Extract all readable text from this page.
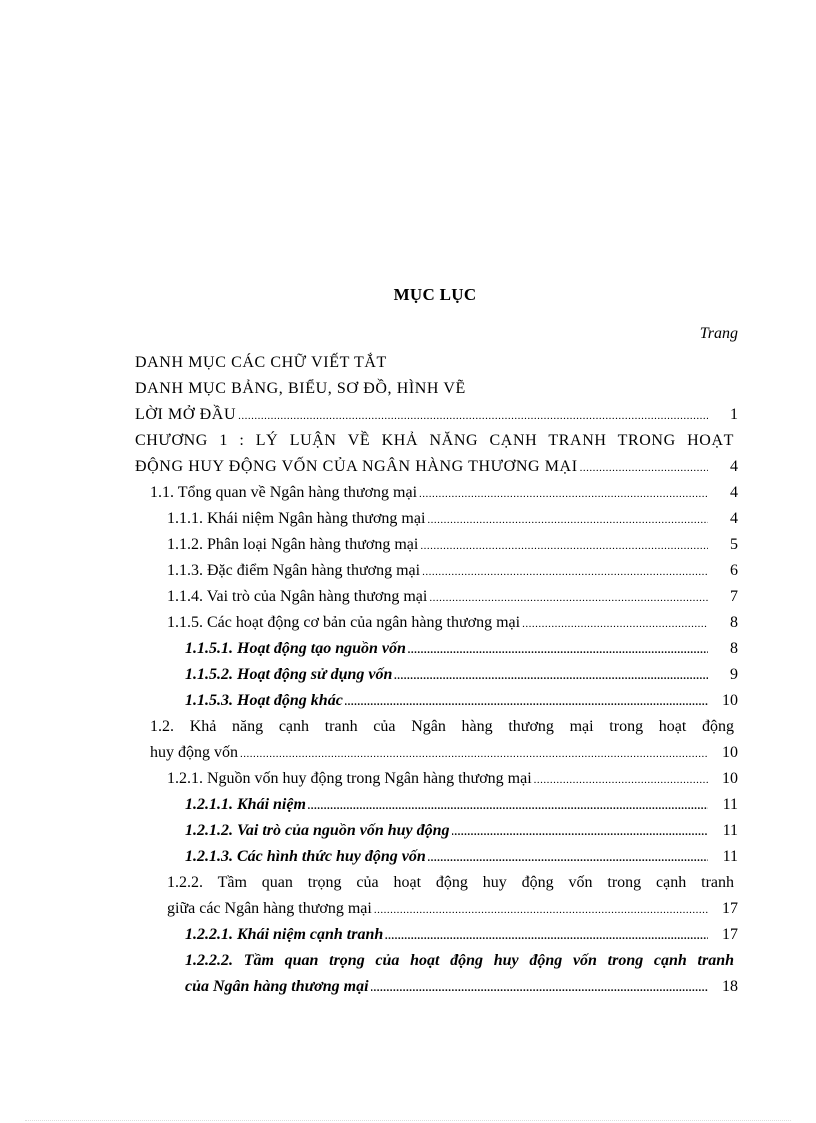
MỤC LỤC
Trang
DANH MỤC CÁC CHỮ VIẾT TẮT
DANH MỤC BẢNG, BIỂU, SƠ ĐỒ, HÌNH VẼ
LỜI MỞ ĐẦU .....	1
CHƯƠNG 1 : LÝ LUẬN VỀ KHẢ NĂNG CẠNH TRANH TRONG HOẠT
ĐỘNG HUY ĐỘNG VỐN CỦA NGÂN HÀNG THƯƠNG MẠI .....	4
1.1. Tổng quan về Ngân hàng thương mại .....	4
1.1.1. Khái niệm Ngân hàng thương mại .....	4
1.1.2. Phân loại Ngân hàng thương mại .....	5
1.1.3. Đặc điểm Ngân hàng thương mại .....	6
1.1.4. Vai trò của Ngân hàng thương mại .....	7
1.1.5. Các hoạt động cơ bản của ngân hàng thương mại .....	8
1.1.5.1. Hoạt động tạo nguồn vốn .....	8
1.1.5.2. Hoạt động sử dụng vốn .....	9
1.1.5.3. Hoạt động khác .....	10
1.2. Khả năng cạnh tranh của Ngân hàng thương mại trong hoạt động
huy động vốn .....	10
1.2.1. Nguồn vốn huy động trong Ngân hàng thương mại .....	10
1.2.1.1. Khái niệm .....	11
1.2.1.2. Vai trò của nguồn vốn huy động .....	11
1.2.1.3. Các hình thức huy động vốn .....	11
1.2.2. Tầm quan trọng của hoạt động huy động vốn trong cạnh tranh
giữa các Ngân hàng thương mại .....	17
1.2.2.1. Khái niệm cạnh tranh .....	17
1.2.2.2. Tầm quan trọng của hoạt động huy động vốn trong cạnh tranh
của Ngân hàng thương mại .....	18
